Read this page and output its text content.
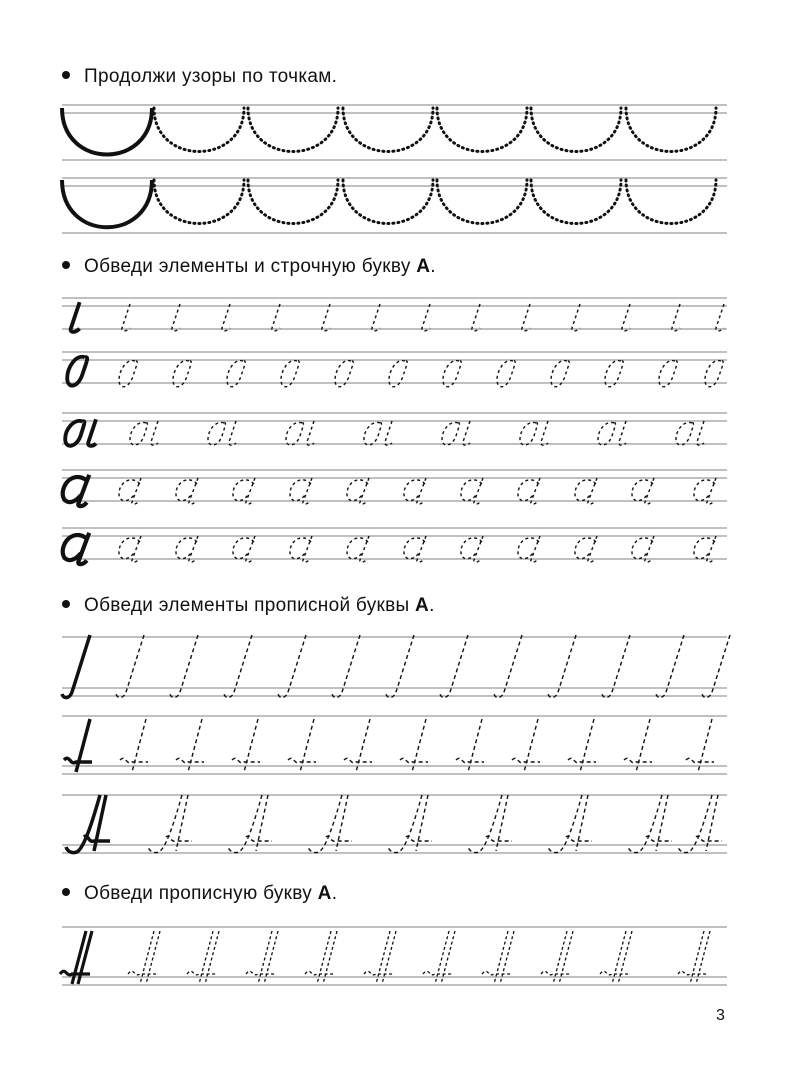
Продолжи узоры по точкам.
Обведи элементы и строчную букву А.
Обведи элементы прописной буквы А.
Обведи прописную букву А.
3
